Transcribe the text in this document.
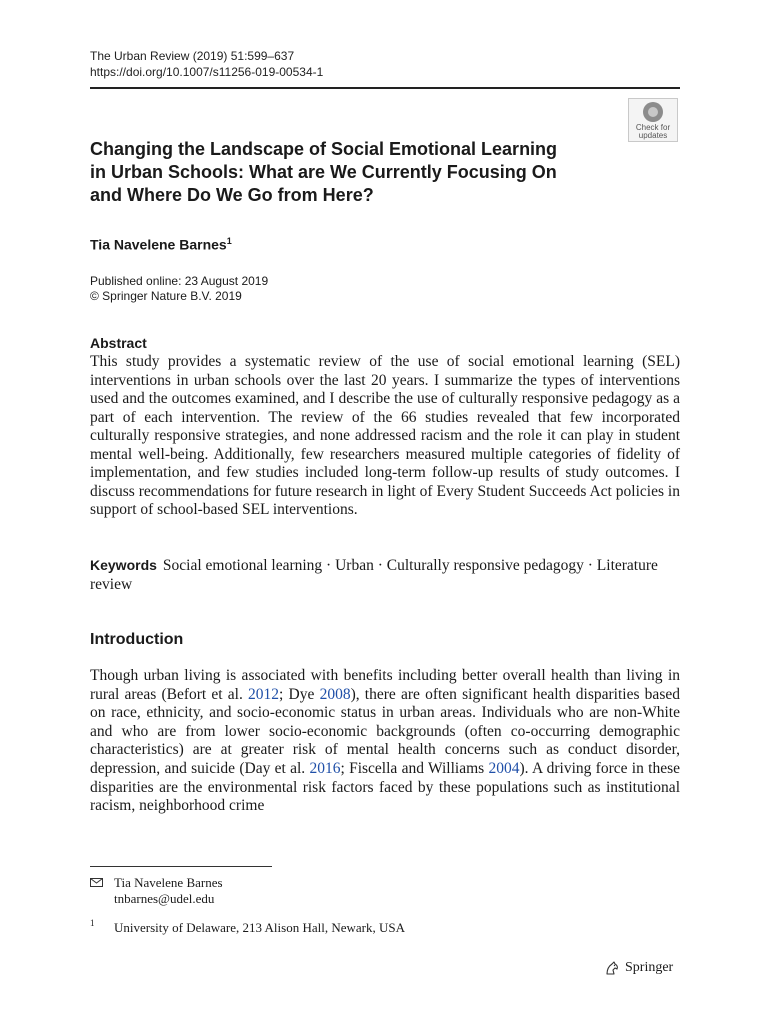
The Urban Review (2019) 51:599–637
https://doi.org/10.1007/s11256-019-00534-1
Check for
updates
Changing the Landscape of Social Emotional Learning
in Urban Schools: What are We Currently Focusing On
and Where Do We Go from Here?
Tia Navelene Barnes$^1$
Published online: 23 August 2019
© Springer Nature B.V. 2019
Abstract

This study provides a systematic review of the use of social emotional learning (SEL) interventions in urban schools over the last 20 years. I summarize the types of interventions used and the outcomes examined, and I describe the use of culturally responsive pedagogy as a part of each intervention. The review of the 66 studies revealed that few incorporated culturally responsive strategies, and none addressed racism and the role it can play in student mental well-being. Additionally, few researchers measured multiple categories of fidelity of implementation, and few studies included long-term follow-up results of study outcomes. I discuss recommendations for future research in light of Every Student Succeeds Act policies in support of school-based SEL interventions.

Keywords Social emotional learning · Urban · Culturally responsive pedagogy · Literature review
Introduction

Though urban living is associated with benefits including better overall health than living in rural areas (Befort et al. 2012; Dye 2008), there are often significant health disparities based on race, ethnicity, and socio-economic status in urban areas. Individuals who are non-White and who are from lower socio-economic backgrounds (often co-occurring demographic characteristics) are at greater risk of mental health concerns such as conduct disorder, depression, and suicide (Day et al. 2016; Fiscella and Williams 2004). A driving force in these disparities are the environmental risk factors faced by these populations such as institutional racism, neighborhood crime

Tia Navelene Barnes
tnbarnes@udel.edu
1 University of Delaware, 213 Alison Hall, Newark, USA
Springer
